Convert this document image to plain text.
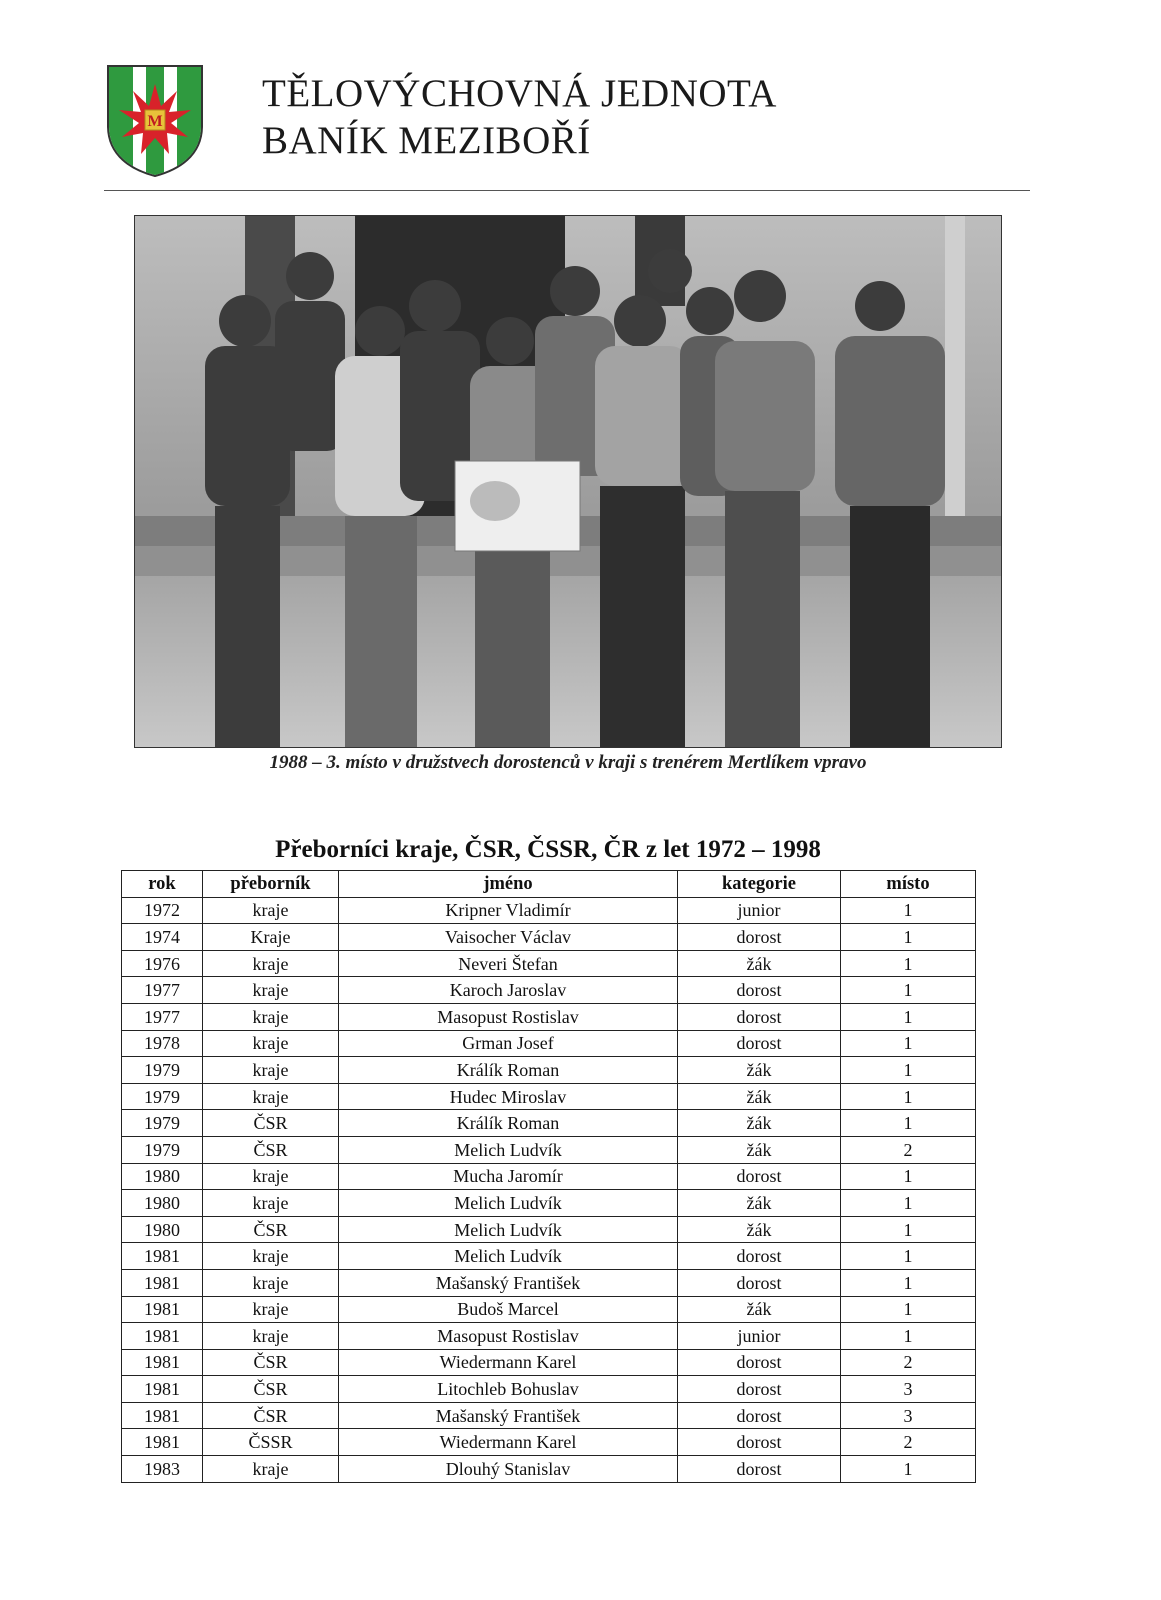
M
TĚLOVÝCHOVNÁ JEDNOTA
BANÍK MEZIBOŘÍ
1988 – 3. místo v družstvech dorostenců v kraji s trenérem Mertlíkem vpravo
Přeborníci kraje, ČSR, ČSSR, ČR z let 1972 – 1998
rok	přeborník	jméno	kategorie	místo
1972	kraje	Kripner Vladimír	junior	1
1974	Kraje	Vaisocher Václav	dorost	1
1976	kraje	Neveri Štefan	žák	1
1977	kraje	Karoch Jaroslav	dorost	1
1977	kraje	Masopust Rostislav	dorost	1
1978	kraje	Grman Josef	dorost	1
1979	kraje	Králík Roman	žák	1
1979	kraje	Hudec Miroslav	žák	1
1979	ČSR	Králík Roman	žák	1
1979	ČSR	Melich Ludvík	žák	2
1980	kraje	Mucha Jaromír	dorost	1
1980	kraje	Melich Ludvík	žák	1
1980	ČSR	Melich Ludvík	žák	1
1981	kraje	Melich Ludvík	dorost	1
1981	kraje	Mašanský František	dorost	1
1981	kraje	Budoš Marcel	žák	1
1981	kraje	Masopust Rostislav	junior	1
1981	ČSR	Wiedermann Karel	dorost	2
1981	ČSR	Litochleb Bohuslav	dorost	3
1981	ČSR	Mašanský František	dorost	3
1981	ČSSR	Wiedermann Karel	dorost	2
1983	kraje	Dlouhý Stanislav	dorost	1
